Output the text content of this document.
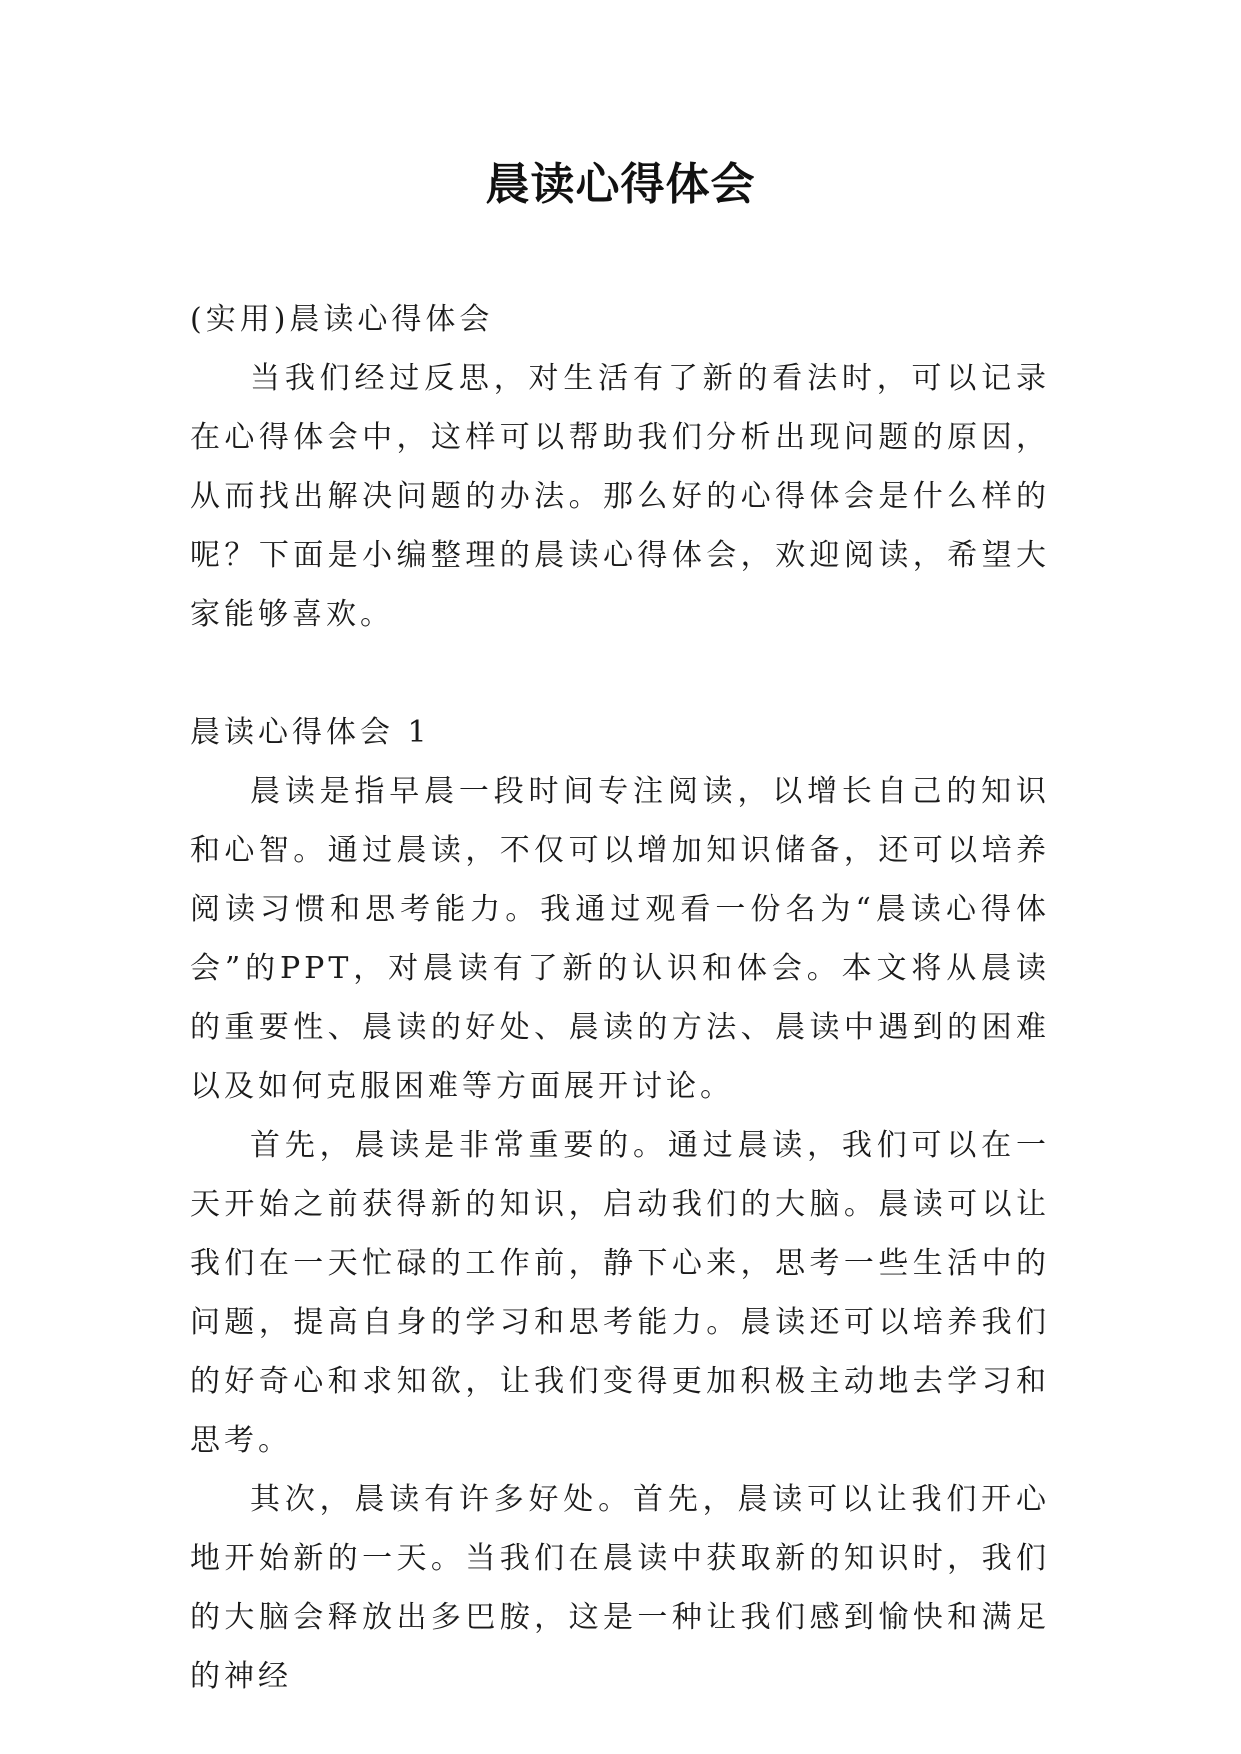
晨读心得体会

(实用)晨读心得体会

当我们经过反思，对生活有了新的看法时，可以记录在心得体会中，这样可以帮助我们分析出现问题的原因，从而找出解决问题的办法。那么好的心得体会是什么样的呢？下面是小编整理的晨读心得体会，欢迎阅读，希望大家能够喜欢。

晨读心得体会 1

晨读是指早晨一段时间专注阅读，以增长自己的知识和心智。通过晨读，不仅可以增加知识储备，还可以培养阅读习惯和思考能力。我通过观看一份名为“晨读心得体会”的PPT，对晨读有了新的认识和体会。本文将从晨读的重要性、晨读的好处、晨读的方法、晨读中遇到的困难以及如何克服困难等方面展开讨论。

首先，晨读是非常重要的。通过晨读，我们可以在一天开始之前获得新的知识，启动我们的大脑。晨读可以让我们在一天忙碌的工作前，静下心来，思考一些生活中的问题，提高自身的学习和思考能力。晨读还可以培养我们的好奇心和求知欲，让我们变得更加积极主动地去学习和思考。

其次，晨读有许多好处。首先，晨读可以让我们开心地开始新的一天。当我们在晨读中获取新的知识时，我们的大脑会释放出多巴胺，这是一种让我们感到愉快和满足的神经
